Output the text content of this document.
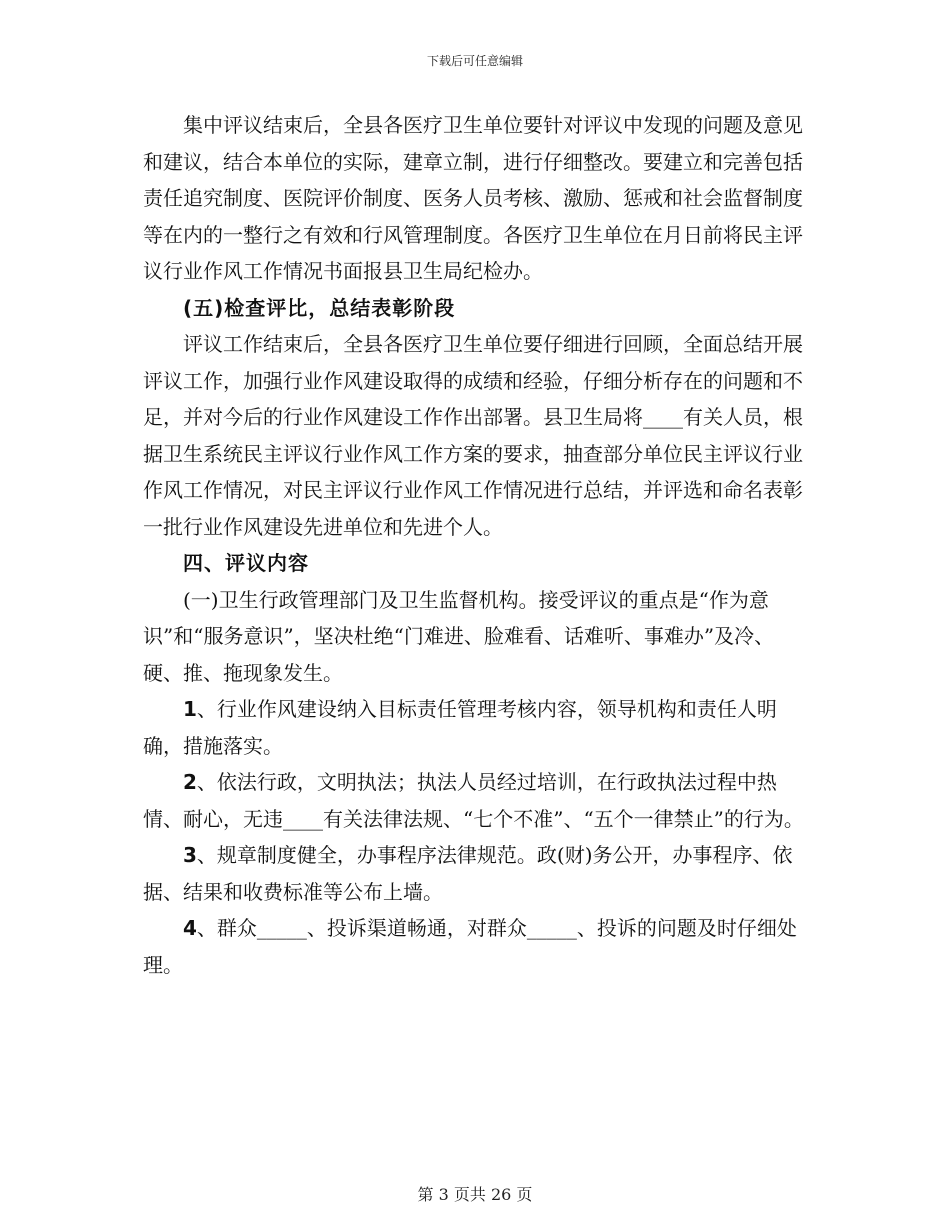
下载后可任意编辑

集中评议结束后，全县各医疗卫生单位要针对评议中发现的问题及意见和建议，结合本单位的实际，建章立制，进行仔细整改。要建立和完善包括责任追究制度、医院评价制度、医务人员考核、激励、惩戒和社会监督制度等在内的一整行之有效和行风管理制度。各医疗卫生单位在月日前将民主评议行业作风工作情况书面报县卫生局纪检办。

(五)检查评比，总结表彰阶段

评议工作结束后，全县各医疗卫生单位要仔细进行回顾，全面总结开展评议工作，加强行业作风建设取得的成绩和经验，仔细分析存在的问题和不足，并对今后的行业作风建设工作作出部署。县卫生局将____有关人员，根据卫生系统民主评议行业作风工作方案的要求，抽查部分单位民主评议行业作风工作情况，对民主评议行业作风工作情况进行总结，并评选和命名表彰一批行业作风建设先进单位和先进个人。

四、评议内容

(一)卫生行政管理部门及卫生监督机构。接受评议的重点是“作为意识”和“服务意识”，坚决杜绝“门难进、脸难看、话难听、事难办”及冷、硬、推、拖现象发生。

1、行业作风建设纳入目标责任管理考核内容，领导机构和责任人明确，措施落实。

2、依法行政，文明执法；执法人员经过培训，在行政执法过程中热情、耐心，无违____有关法律法规、“七个不准”、“五个一律禁止”的行为。

3、规章制度健全，办事程序法律规范。政(财)务公开，办事程序、依据、结果和收费标准等公布上墙。

4、群众_____、投诉渠道畅通，对群众_____、投诉的问题及时仔细处理。

第 3 页共 26 页
